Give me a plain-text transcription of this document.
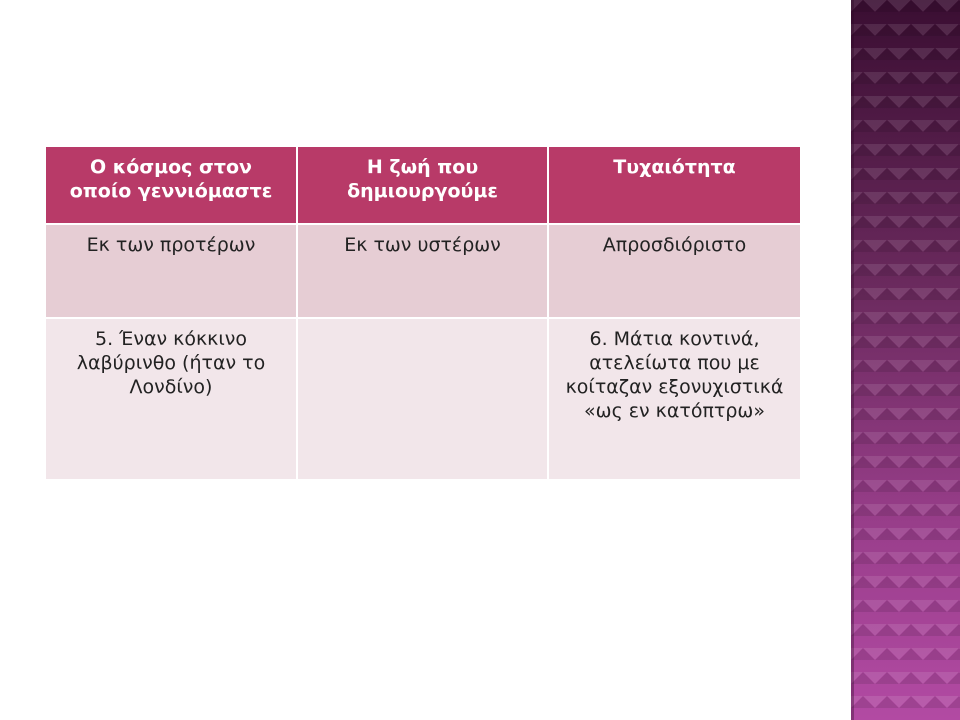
Ο κόσμος στον οποίο γεννιόμαστε	Η ζωή που δημιουργούμε	Τυχαιότητα
Εκ των προτέρων	Εκ των υστέρων	Απροσδιόριστο
5. Έναν κόκκινο λαβύρινθο (ήταν το Λονδίνο)		6. Μάτια κοντινά, ατελείωτα που με κοίταζαν εξονυχιστικά «ως εν κατόπτρω»
